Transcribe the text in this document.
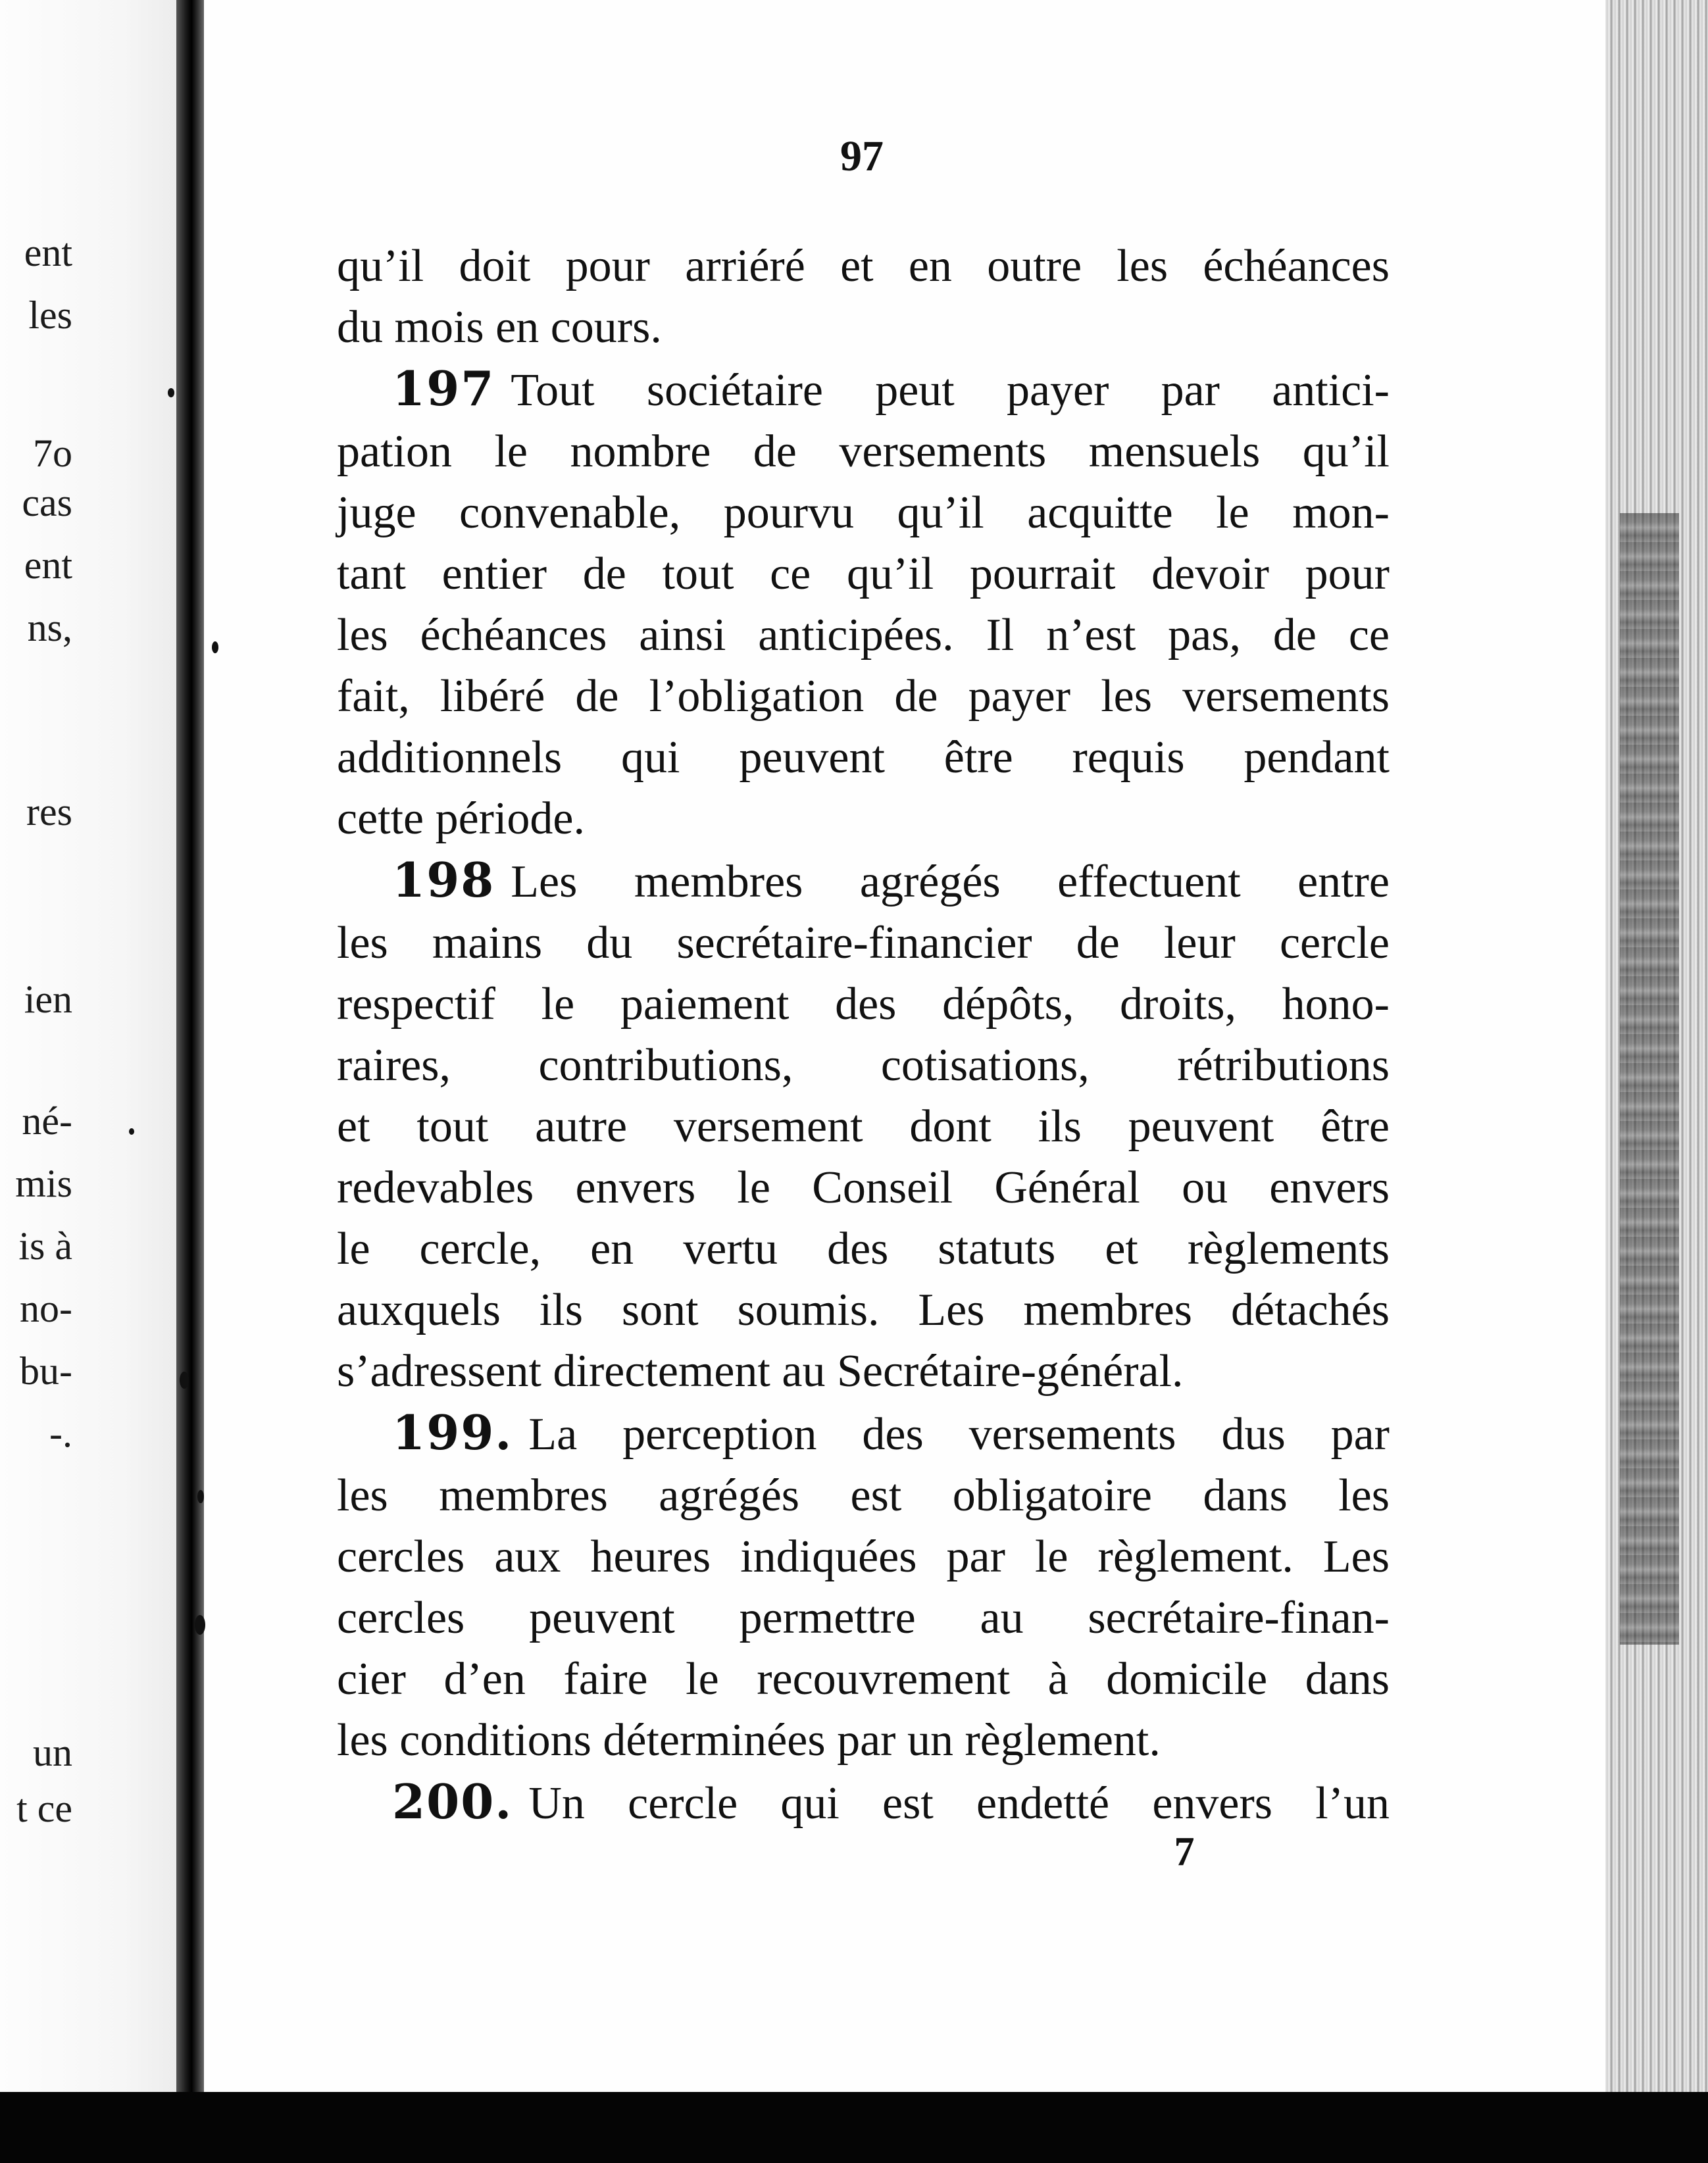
ent
les
7o
cas
ent
ns,
res
ien
né-
mis
is à
no-
bu-
-.
un
t ce
97
qu’il doit pour arriéré et en outre les échéances
du mois en cours.
197 Tout sociétaire peut payer par antici-
pation le nombre de versements mensuels qu’il
juge convenable, pourvu qu’il acquitte le mon-
tant entier de tout ce qu’il pourrait devoir pour
les échéances ainsi anticipées. Il n’est pas, de ce
fait, libéré de l’obligation de payer les versements
additionnels qui peuvent être requis pendant
cette période.
198 Les membres agrégés effectuent entre
les mains du secrétaire-financier de leur cercle
respectif le paiement des dépôts, droits, hono-
raires, contributions, cotisations, rétributions
et tout autre versement dont ils peuvent être
redevables envers le Conseil Général ou envers
le cercle, en vertu des statuts et règlements
auxquels ils sont soumis. Les membres détachés
s’adressent directement au Secrétaire-général.
199. La perception des versements dus par
les membres agrégés est obligatoire dans les
cercles aux heures indiquées par le règlement. Les
cercles peuvent permettre au secrétaire-finan-
cier d’en faire le recouvrement à domicile dans
les conditions déterminées par un règlement.
200. Un cercle qui est endetté envers l’un
7
